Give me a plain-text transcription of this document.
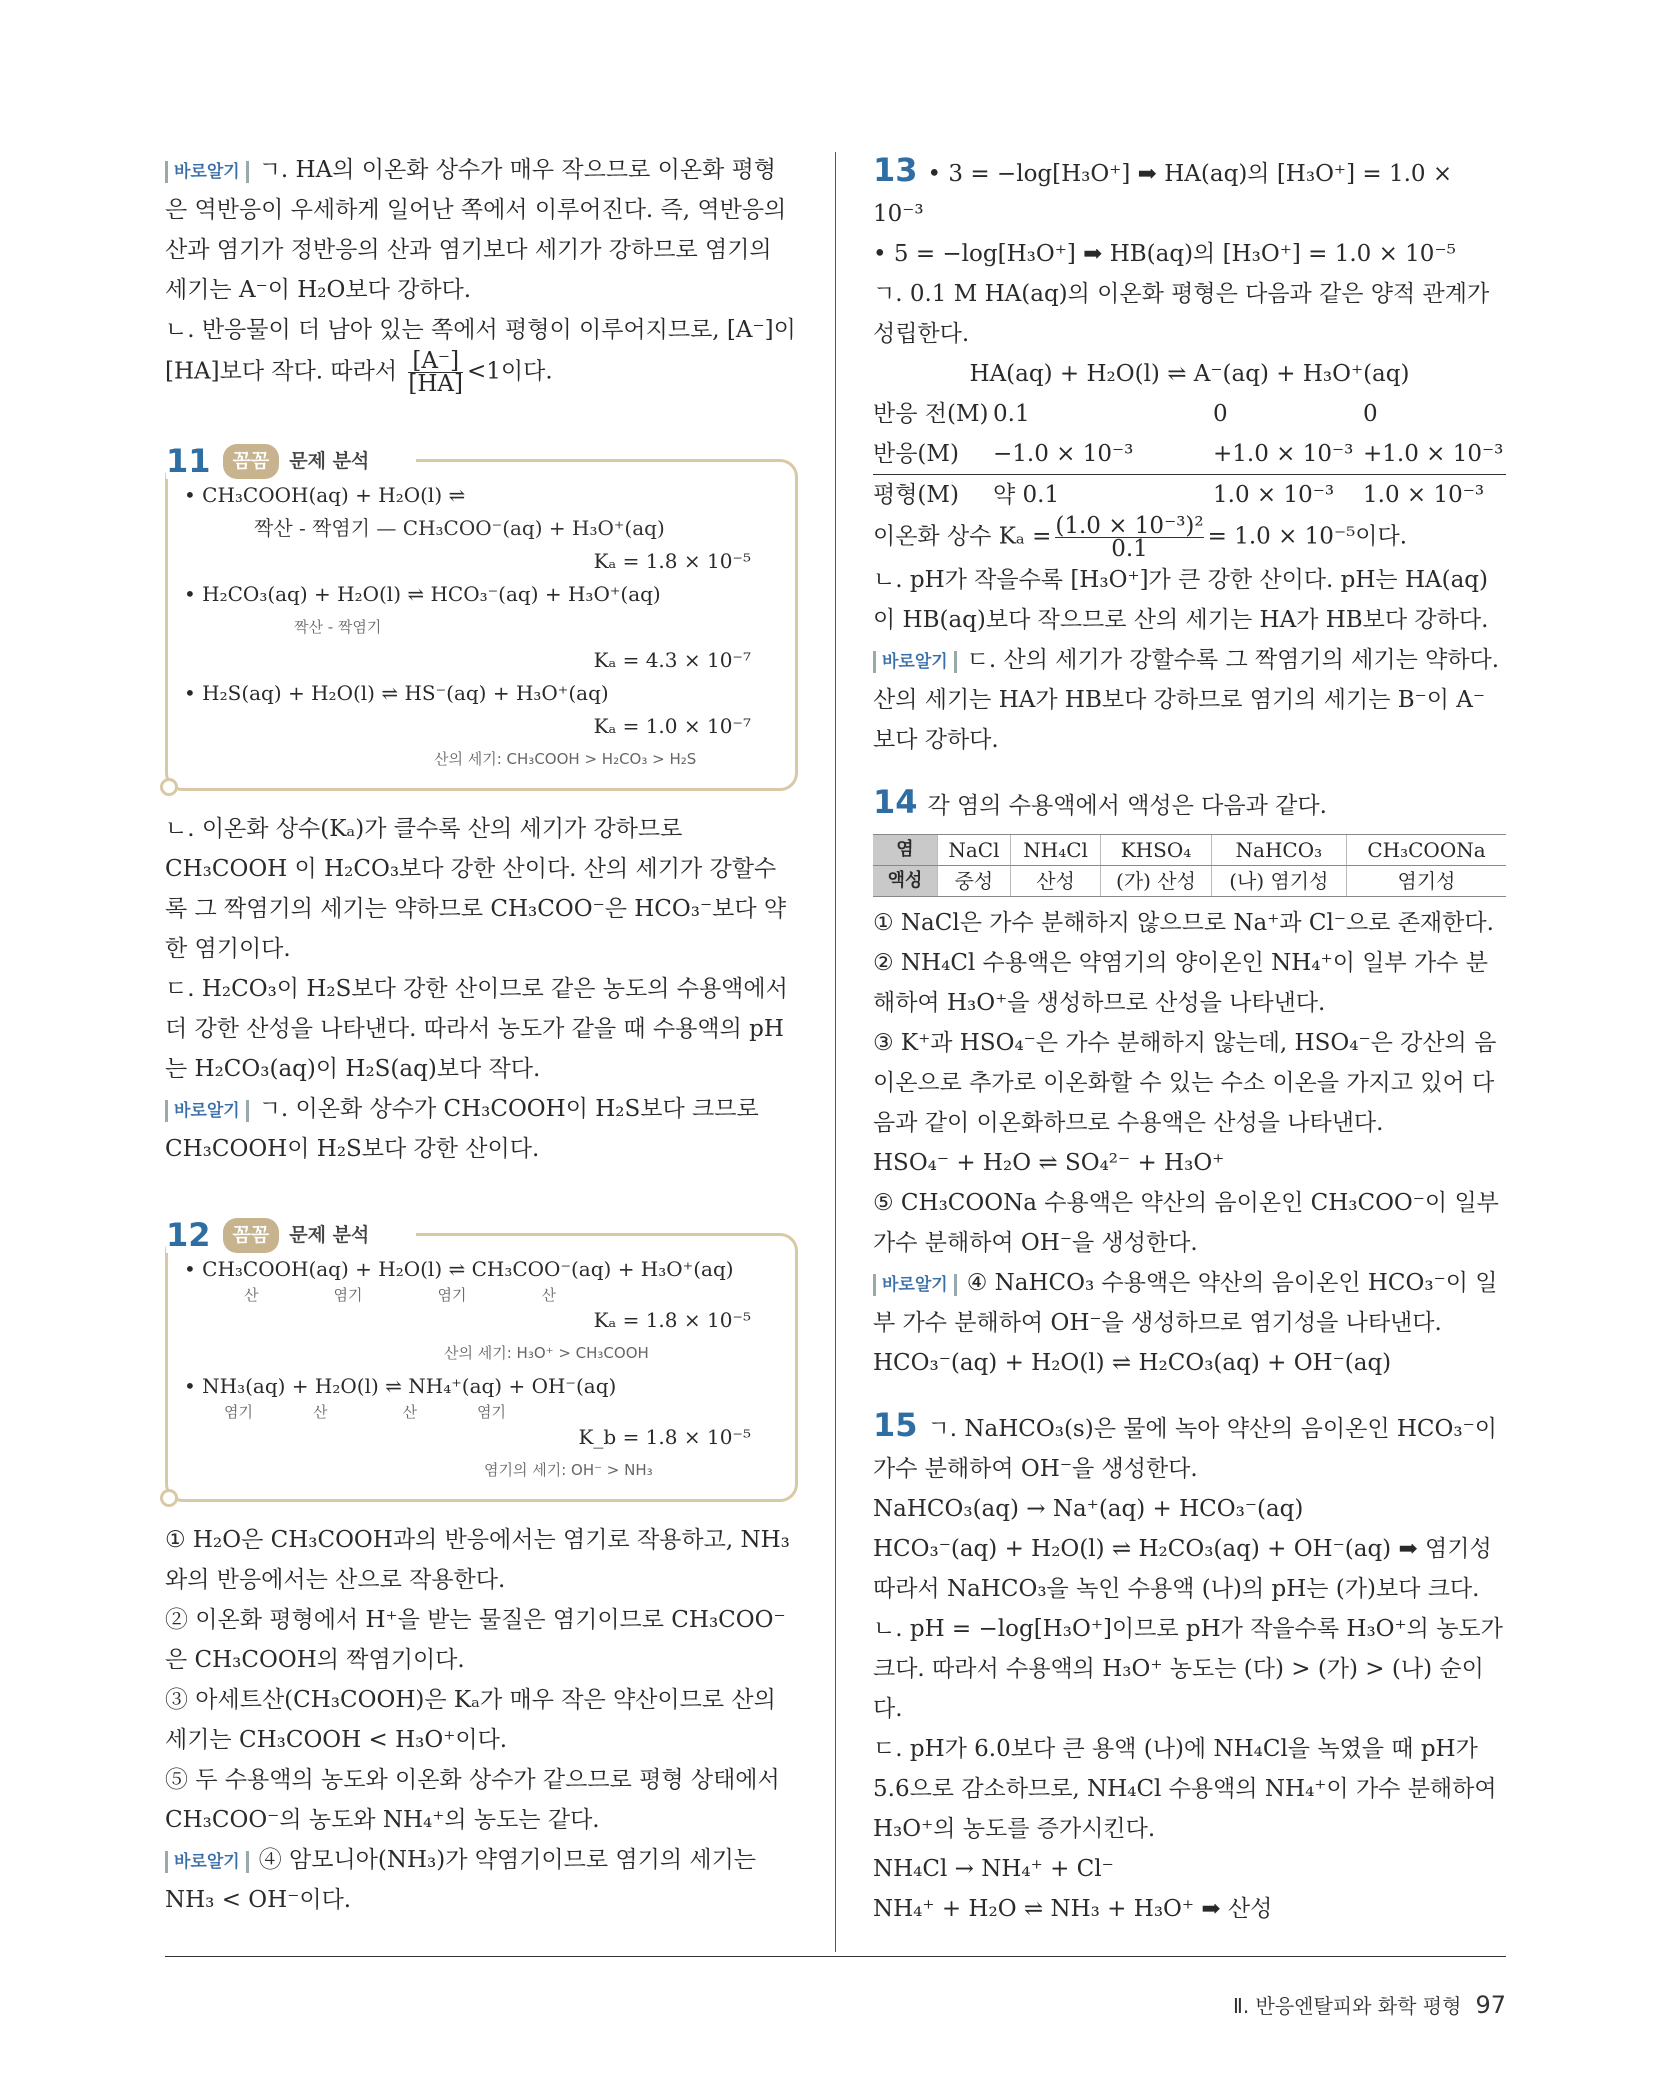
바로알기 ㄱ. HA의 이온화 상수가 매우 작으므로 이온화 평형은 역반응이 우세하게 일어난 쪽에서 이루어진다. 즉, 역반응의 산과 염기가 정반응의 산과 염기보다 세기가 강하므로 염기의 세기는 A⁻이 H₂O보다 강하다.

ㄴ. 반응물이 더 남아 있는 쪽에서 평형이 이루어지므로, [A⁻]이

[HA]보다 작다. 따라서 $\frac{[A^-]}{[HA]} <1$이다.

11	꼼꼼	문제 분석
• CH₃COOH(aq) + H₂O(l) ⇌
짝산 - 짝염기 — CH₃COO⁻(aq) + H₃O⁺(aq)
Kₐ = 1.8 × 10⁻⁵
• H₂CO₃(aq) + H₂O(l) ⇌ HCO₃⁻(aq) + H₃O⁺(aq)
짝산 - 짝염기
Kₐ = 4.3 × 10⁻⁷
• H₂S(aq) + H₂O(l) ⇌ HS⁻(aq) + H₃O⁺(aq)
Kₐ = 1.0 × 10⁻⁷
산의 세기: CH₃COOH > H₂CO₃ > H₂S

ㄴ. 이온화 상수(Kₐ)가 클수록 산의 세기가 강하므로 CH₃COOH 이 H₂CO₃보다 강한 산이다. 산의 세기가 강할수록 그 짝염기의 세기는 약하므로 CH₃COO⁻은 HCO₃⁻보다 약한 염기이다.

ㄷ. H₂CO₃이 H₂S보다 강한 산이므로 같은 농도의 수용액에서 더 강한 산성을 나타낸다. 따라서 농도가 같을 때 수용액의 pH는 H₂CO₃(aq)이 H₂S(aq)보다 작다.

바로알기 ㄱ. 이온화 상수가 CH₃COOH이 H₂S보다 크므로 CH₃COOH이 H₂S보다 강한 산이다.

12	꼼꼼	문제 분석
• CH₃COOH(aq) + H₂O(l) ⇌ CH₃COO⁻(aq) + H₃O⁺(aq)
산　　　　　염기　　　　　염기　　　　　산
Kₐ = 1.8 × 10⁻⁵
산의 세기: H₃O⁺ > CH₃COOH
• NH₃(aq) + H₂O(l) ⇌ NH₄⁺(aq) + OH⁻(aq)
염기　　　　산　　　　　산　　　　염기
K_b = 1.8 × 10⁻⁵
염기의 세기: OH⁻ > NH₃

① H₂O은 CH₃COOH과의 반응에서는 염기로 작용하고, NH₃와의 반응에서는 산으로 작용한다.

② 이온화 평형에서 H⁺을 받는 물질은 염기이므로 CH₃COO⁻은 CH₃COOH의 짝염기이다.

③ 아세트산(CH₃COOH)은 Kₐ가 매우 작은 약산이므로 산의 세기는 CH₃COOH < H₃O⁺이다.

⑤ 두 수용액의 농도와 이온화 상수가 같으므로 평형 상태에서 CH₃COO⁻의 농도와 NH₄⁺의 농도는 같다.

바로알기 ④ 암모니아(NH₃)가 약염기이므로 염기의 세기는 NH₃ < OH⁻이다.

13 • 3 = −log[H₃O⁺] ➡ HA(aq)의 [H₃O⁺] = 1.0 × 10⁻³

• 5 = −log[H₃O⁺] ➡ HB(aq)의 [H₃O⁺] = 1.0 × 10⁻⁵

ㄱ. 0.1 M HA(aq)의 이온화 평형은 다음과 같은 양적 관계가 성립한다.

HA(aq) + H₂O(l) ⇌ A⁻(aq) + H₃O⁺(aq)

반응 전(M) 0.1	0	0
반응(M)	−1.0 × 10⁻³	+1.0 × 10⁻³ +1.0 × 10⁻³
평형(M)	약 0.1	1.0 × 10⁻³	1.0 × 10⁻³

이온화 상수 $K_a = \frac{\text{(1.0 × 10⁻³)²}}{0.1} = 1.0 \times 10^{-5}$이다.

ㄴ. pH가 작을수록 [H₃O⁺]가 큰 강한 산이다. pH는 HA(aq)이 HB(aq)보다 작으므로 산의 세기는 HA가 HB보다 강하다.

바로알기 ㄷ. 산의 세기가 강할수록 그 짝염기의 세기는 약하다. 산의 세기는 HA가 HB보다 강하므로 염기의 세기는 B⁻이 A⁻보다 강하다.

14 각 염의 수용액에서 액성은 다음과 같다.

염	NaCl	NH₄Cl	KHSO₄	NaHCO₃	CH₃COONa
액성	중성	산성	(가) 산성	(나) 염기성	염기성

① NaCl은 가수 분해하지 않으므로 Na⁺과 Cl⁻으로 존재한다.

② NH₄Cl 수용액은 약염기의 양이온인 NH₄⁺이 일부 가수 분해하여 H₃O⁺을 생성하므로 산성을 나타낸다.

③ K⁺과 HSO₄⁻은 가수 분해하지 않는데, HSO₄⁻은 강산의 음이온으로 추가로 이온화할 수 있는 수소 이온을 가지고 있어 다음과 같이 이온화하므로 수용액은 산성을 나타낸다.

HSO₄⁻ + H₂O ⇌ SO₄²⁻ + H₃O⁺

⑤ CH₃COONa 수용액은 약산의 음이온인 CH₃COO⁻이 일부 가수 분해하여 OH⁻을 생성한다.

바로알기 ④ NaHCO₃ 수용액은 약산의 음이온인 HCO₃⁻이 일부 가수 분해하여 OH⁻을 생성하므로 염기성을 나타낸다.

HCO₃⁻(aq) + H₂O(l) ⇌ H₂CO₃(aq) + OH⁻(aq)

15 ㄱ. NaHCO₃(s)은 물에 녹아 약산의 음이온인 HCO₃⁻이 가수 분해하여 OH⁻을 생성한다.

NaHCO₃(aq) → Na⁺(aq) + HCO₃⁻(aq)

HCO₃⁻(aq) + H₂O(l) ⇌ H₂CO₃(aq) + OH⁻(aq) ➡ 염기성

따라서 NaHCO₃을 녹인 수용액 (나)의 pH는 (가)보다 크다.

ㄴ. pH = −log[H₃O⁺]이므로 pH가 작을수록 H₃O⁺의 농도가 크다. 따라서 수용액의 H₃O⁺ 농도는 (다) > (가) > (나) 순이다.

ㄷ. pH가 6.0보다 큰 용액 (나)에 NH₄Cl을 녹였을 때 pH가 5.6으로 감소하므로, NH₄Cl 수용액의 NH₄⁺이 가수 분해하여 H₃O⁺의 농도를 증가시킨다.

NH₄Cl → NH₄⁺ + Cl⁻

NH₄⁺ + H₂O ⇌ NH₃ + H₃O⁺ ➡ 산성

Ⅱ. 반응엔탈피와 화학 평형 97
